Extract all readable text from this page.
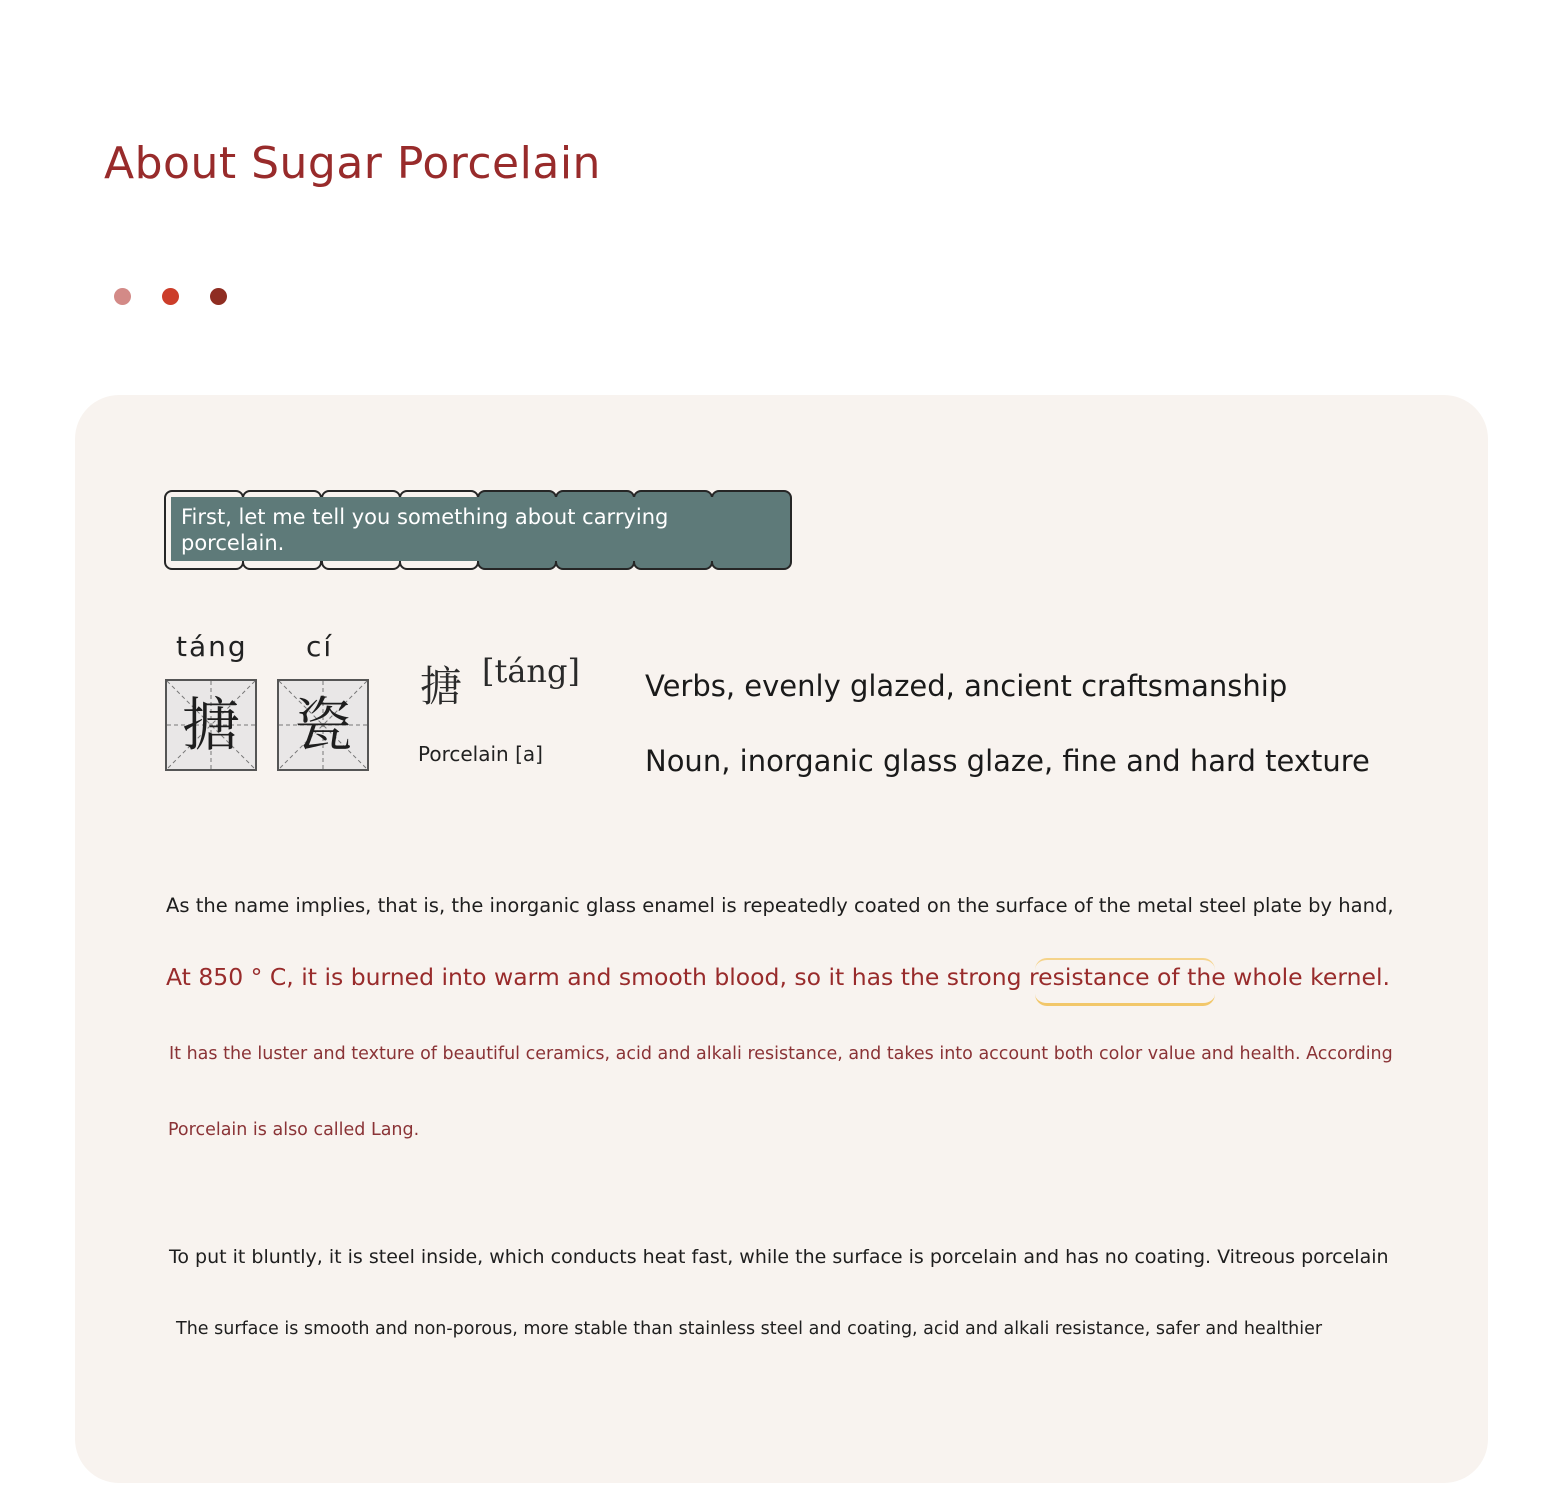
About Sugar Porcelain
First, let me tell you something about carrying porcelain.
táng cí
搪 瓷
搪 [táng]
Porcelain [a]
Verbs, evenly glazed, ancient craftsmanship
Noun, inorganic glass glaze, fine and hard texture
As the name implies, that is, the inorganic glass enamel is repeatedly coated on the surface of the metal steel plate by hand,
At 850 ° C, it is burned into warm and smooth blood, so it has the strong resistance of the whole kernel.
It has the luster and texture of beautiful ceramics, acid and alkali resistance, and takes into account both color value and health. According
Porcelain is also called Lang.
To put it bluntly, it is steel inside, which conducts heat fast, while the surface is porcelain and has no coating. Vitreous porcelain
The surface is smooth and non-porous, more stable than stainless steel and coating, acid and alkali resistance, safer and healthier
